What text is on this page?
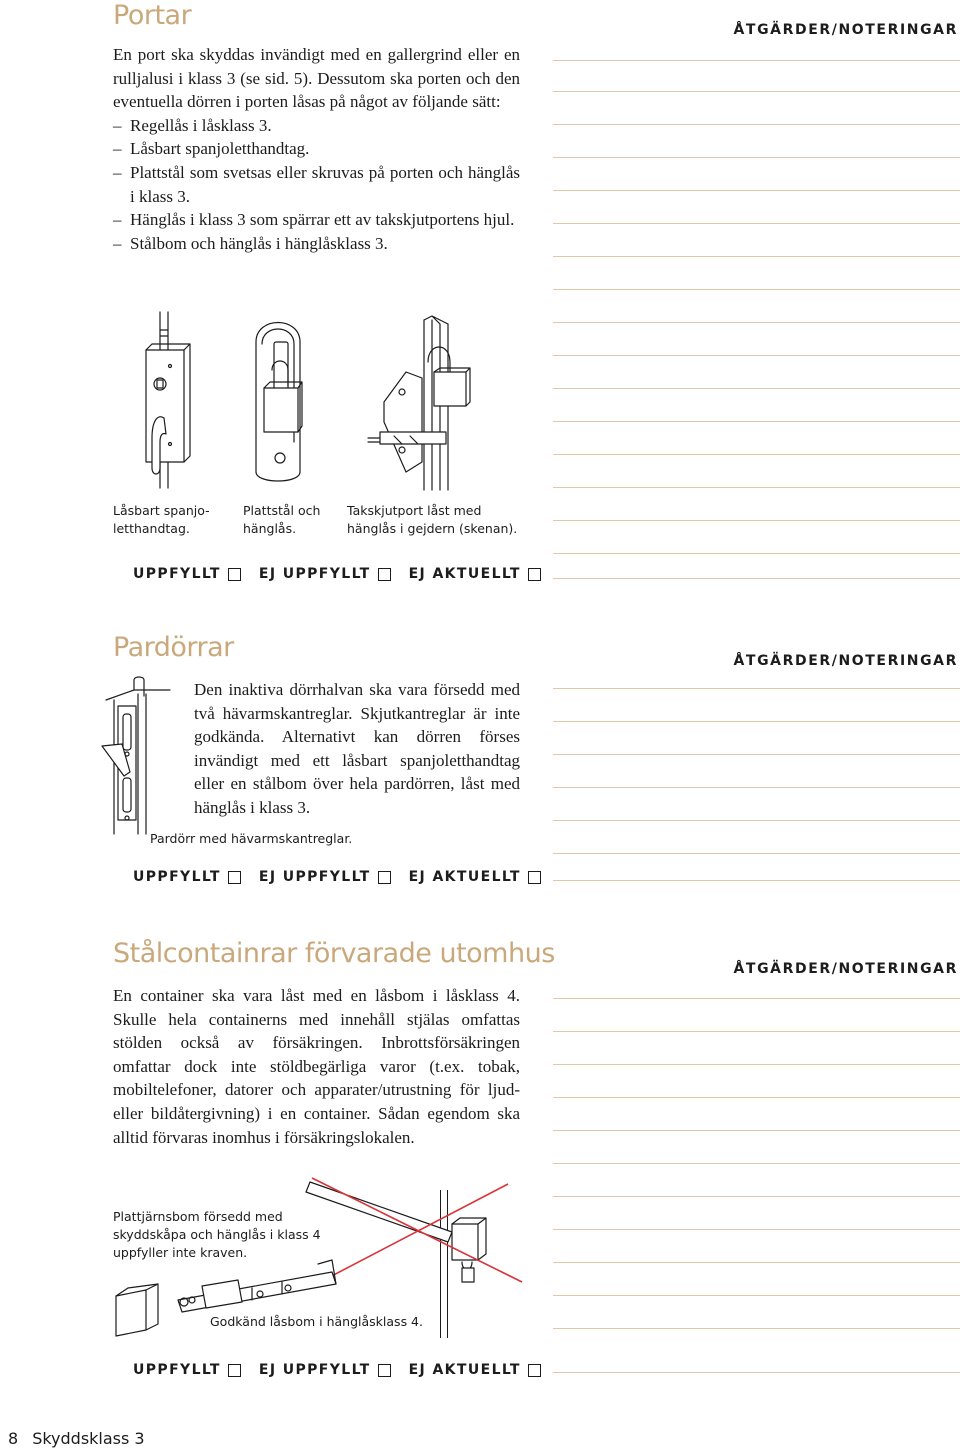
Portar

En port ska skyddas invändigt med en gallergrind eller en rulljalusi i klass 3 (se sid. 5). Dessutom ska porten och den eventuella dörren i porten låsas på något av följande sätt:

– Regellås i låsklass 3.
– Låsbart spanjoletthandtag.
– Plattstål som svetsas eller skruvas på porten och hänglås i klass 3.
– Hänglås i klass 3 som spärrar ett av takskjutportens hjul.
– Stålbom och hänglås i hänglåsklass 3.
Låsbart spanjo-
letthandtag.
Plattstål och
hänglås.
Takskjutport låst med
hänglås i gejdern (skenan).
UPPFYLLT	EJ UPPFYLLT	EJ AKTUELLT
ÅTGÄRDER/NOTERINGAR
Pardörrar
Den inaktiva dörrhalvan ska vara försedd med två hävarmskantreglar. Skjutkantreglar är inte godkända. Alternativt kan dörren förses invändigt med ett låsbart spanjoletthandtag eller en stålbom över hela pardörren, låst med hänglås i klass 3.
Pardörr med hävarmskantreglar.
UPPFYLLT	EJ UPPFYLLT	EJ AKTUELLT
ÅTGÄRDER/NOTERINGAR
Stålcontainrar förvarade utomhus
En container ska vara låst med en låsbom i låsklass 4. Skulle hela containerns med innehåll stjälas omfattas stölden också av försäkringen. Inbrottsförsäkringen omfattar dock inte stöldbegärliga varor (t.ex. tobak, mobiltelefoner, datorer och apparater/utrustning för ljud- eller bildåtergivning) i en container. Sådan egendom ska alltid förvaras inomhus i försäkringslokalen.
Plattjärnsbom försedd med
skyddskåpa och hänglås i klass 4
uppfyller inte kraven.
Godkänd låsbom i hänglåsklass 4.
UPPFYLLT	EJ UPPFYLLT	EJ AKTUELLT
ÅTGÄRDER/NOTERINGAR
8 Skyddsklass 3
